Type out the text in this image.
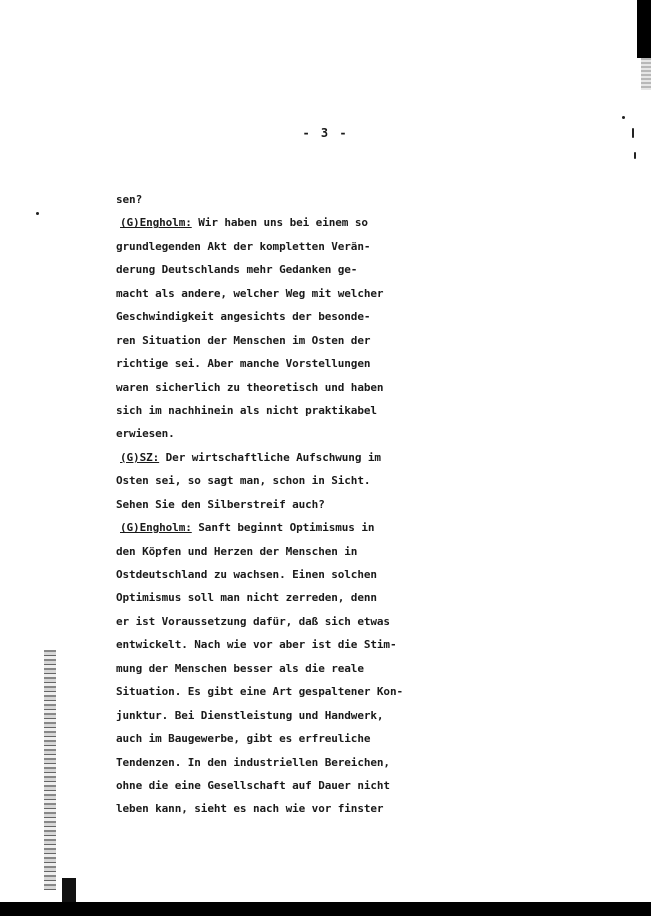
- 3 -
sen?
(G)Engholm: Wir haben uns bei einem so
grundlegenden Akt der kompletten Verän-
derung Deutschlands mehr Gedanken ge-
macht als andere, welcher Weg mit welcher
Geschwindigkeit angesichts der besonde-
ren Situation der Menschen im Osten der
richtige sei. Aber manche Vorstellungen
waren sicherlich zu theoretisch und haben
sich im nachhinein als nicht praktikabel
erwiesen.
(G)SZ: Der wirtschaftliche Aufschwung im
Osten sei, so sagt man, schon in Sicht.
Sehen Sie den Silberstreif auch?
(G)Engholm: Sanft beginnt Optimismus in
den Köpfen und Herzen der Menschen in
Ostdeutschland zu wachsen. Einen solchen
Optimismus soll man nicht zerreden, denn
er ist Voraussetzung dafür, daß sich etwas
entwickelt. Nach wie vor aber ist die Stim-
mung der Menschen besser als die reale
Situation. Es gibt eine Art gespaltener Kon-
junktur. Bei Dienstleistung und Handwerk,
auch im Baugewerbe, gibt es erfreuliche
Tendenzen. In den industriellen Bereichen,
ohne die eine Gesellschaft auf Dauer nicht
leben kann, sieht es nach wie vor finster
